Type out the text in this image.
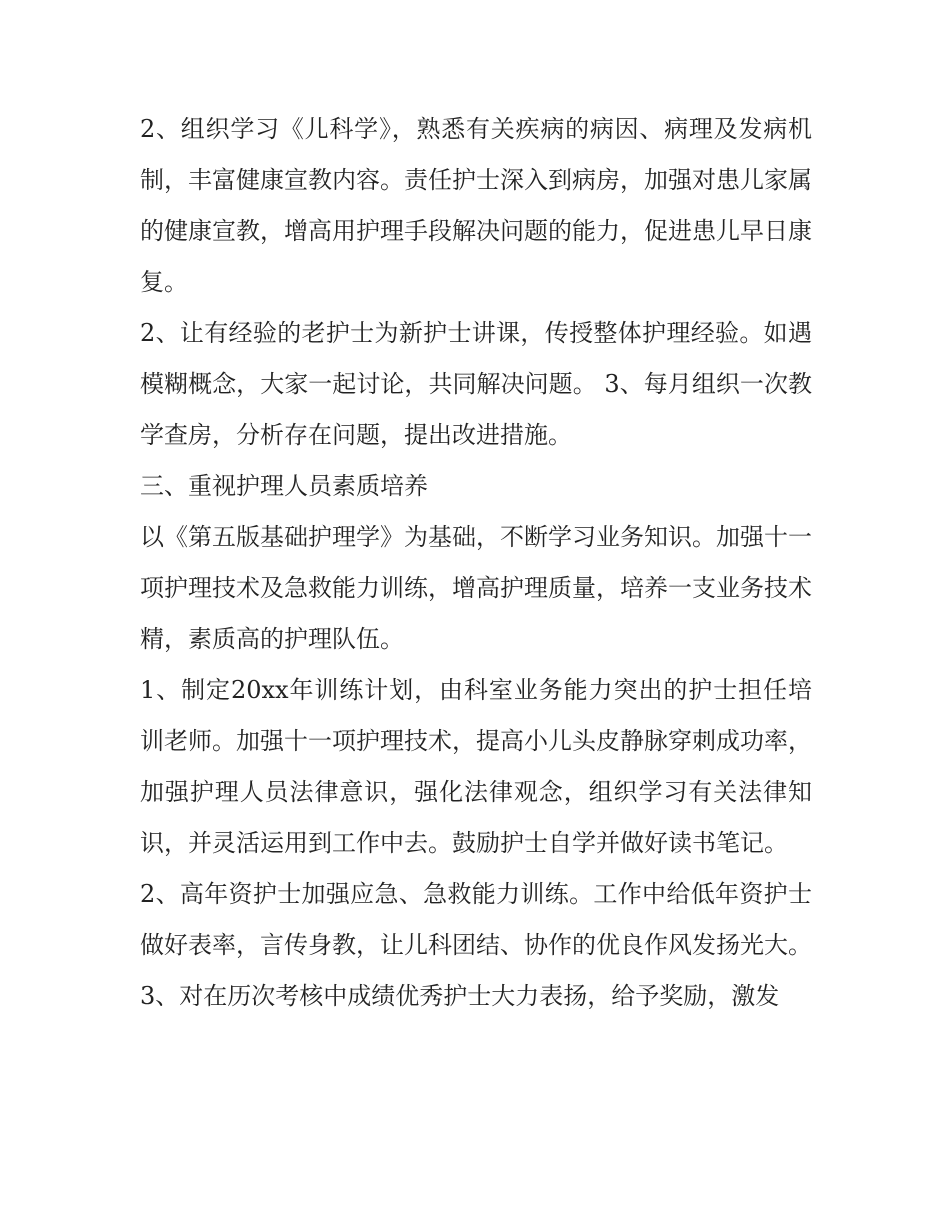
2、组织学习《儿科学》，熟悉有关疾病的病因、病理及发病机制，丰富健康宣教内容。责任护士深入到病房，加强对患儿家属的健康宣教，增高用护理手段解决问题的能力，促进患儿早日康复。

2、让有经验的老护士为新护士讲课，传授整体护理经验。如遇模糊概念，大家一起讨论，共同解决问题。 3、每月组织一次教学查房，分析存在问题，提出改进措施。

三、重视护理人员素质培养

以《第五版基础护理学》为基础，不断学习业务知识。加强十一项护理技术及急救能力训练，增高护理质量，培养一支业务技术精，素质高的护理队伍。

1、制定20xx年训练计划，由科室业务能力突出的护士担任培训老师。加强十一项护理技术，提高小儿头皮静脉穿刺成功率，加强护理人员法律意识，强化法律观念，组织学习有关法律知识，并灵活运用到工作中去。鼓励护士自学并做好读书笔记。

2、高年资护士加强应急、急救能力训练。工作中给低年资护士做好表率，言传身教，让儿科团结、协作的优良作风发扬光大。

3、对在历次考核中成绩优秀护士大力表扬，给予奖励，激发
